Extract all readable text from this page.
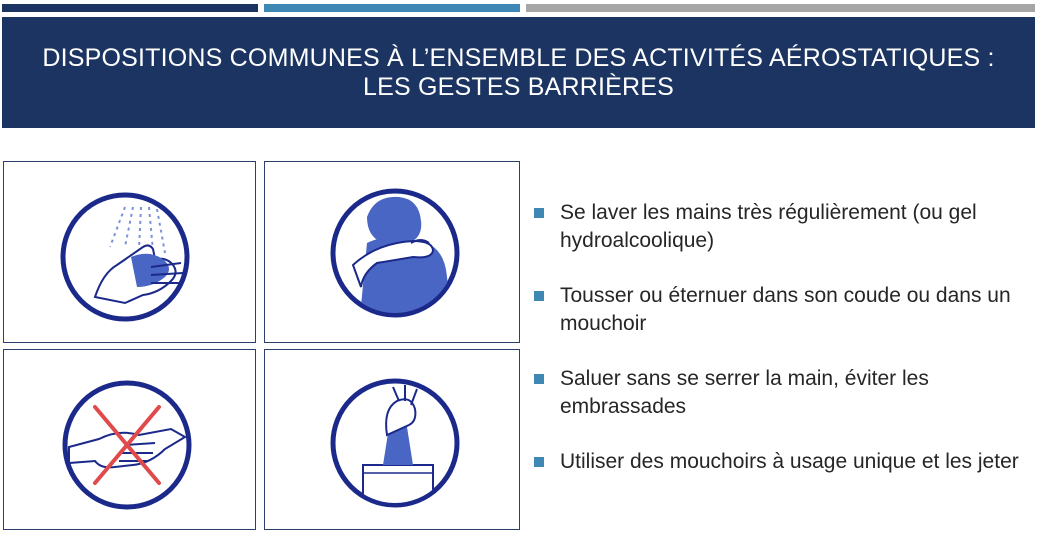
DISPOSITIONS COMMUNES À L’ENSEMBLE DES ACTIVITÉS AÉROSTATIQUES :
LES GESTES BARRIÈRES
Se laver les mains très régulièrement (ou gel hydroalcoolique)
Tousser ou éternuer dans son coude ou dans un mouchoir
Saluer sans se serrer la main, éviter les embrassades
Utiliser des mouchoirs à usage unique et les jeter
